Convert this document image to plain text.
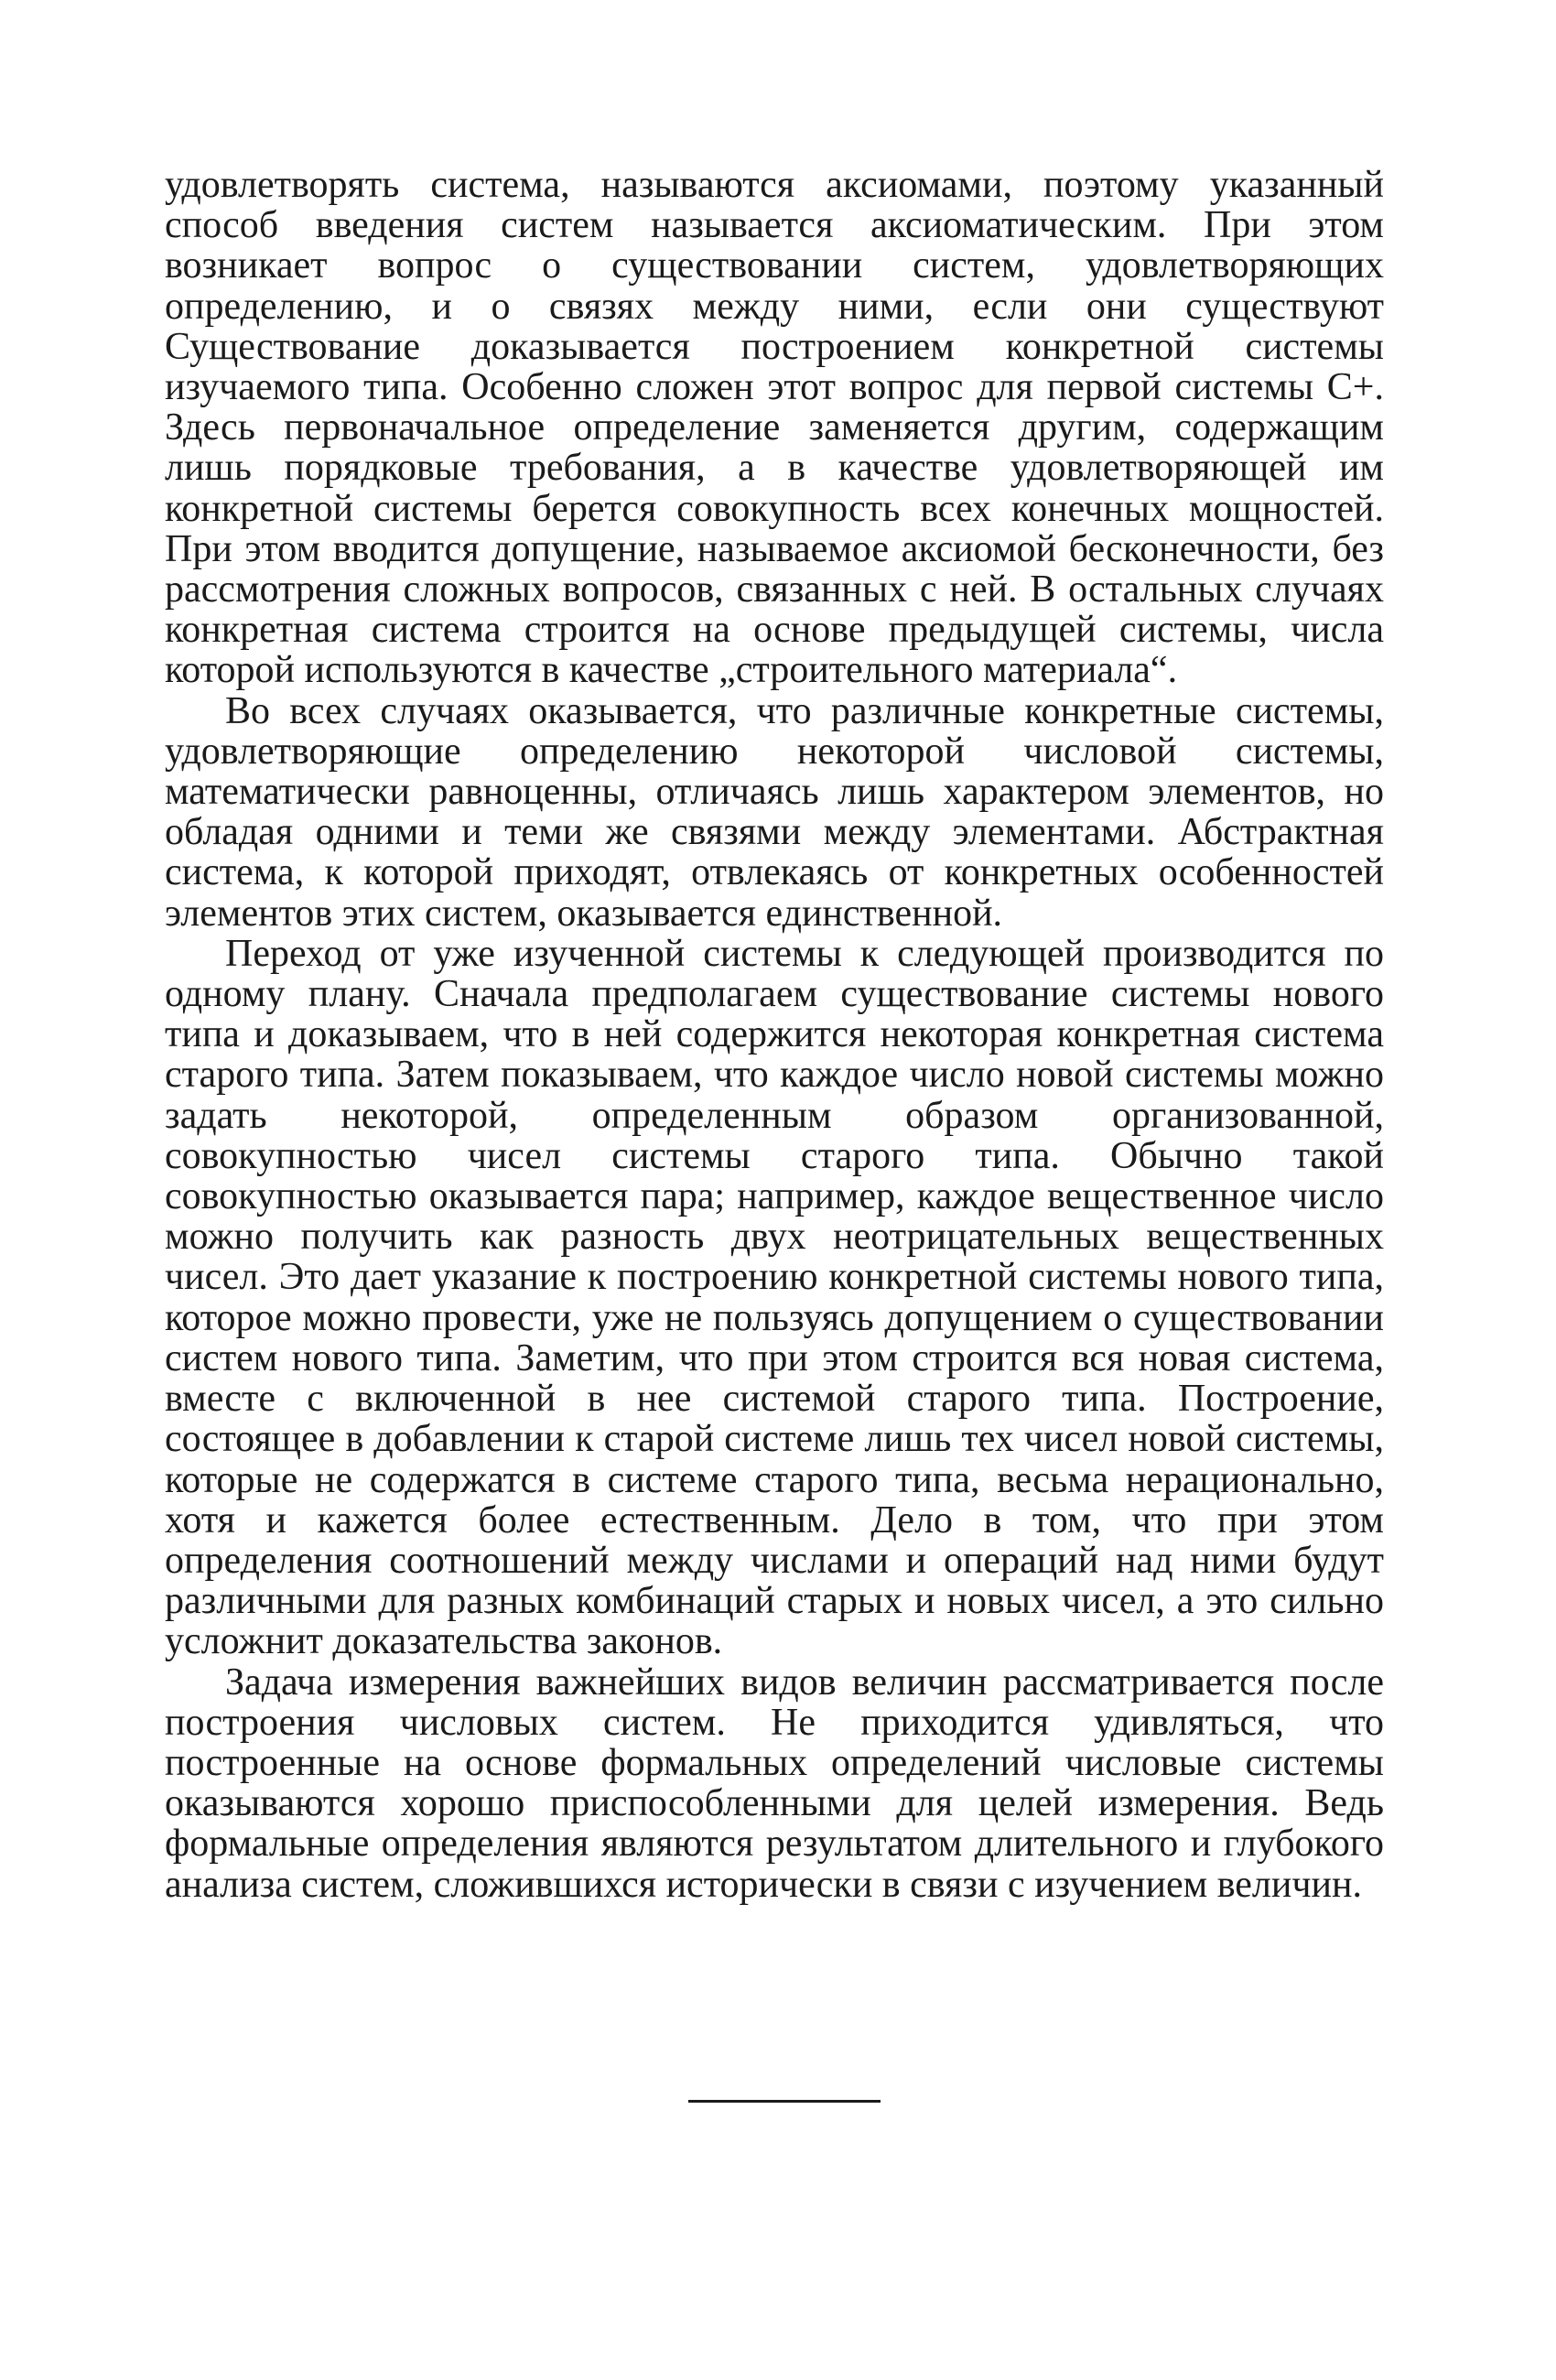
удовлетворять система, называются аксиомами, поэтому указанный способ введения систем называется аксиоматическим. При этом возникает вопрос о существовании систем, удовлетворяющих определению, и о связях между ними, если они существуют Существование доказывается построением конкретной системы изучаемого типа. Особенно сложен этот вопрос для первой системы C+. Здесь первоначальное определение заменяется другим, содержащим лишь порядковые требования, а в качестве удовлетворяющей им конкретной системы берется совокупность всех конечных мощностей. При этом вводится допущение, называемое аксиомой бесконечности, без рассмотрения сложных вопросов, связанных с ней. В остальных случаях конкретная система строится на основе предыдущей системы, числа которой используются в качестве „строительного материала“.

Во всех случаях оказывается, что различные конкретные системы, удовлетворяющие определению некоторой числовой системы, математически равноценны, отличаясь лишь характером элементов, но обладая одними и теми же связями между элементами. Абстрактная система, к которой приходят, отвлекаясь от конкретных особенностей элементов этих систем, оказывается единственной.

Переход от уже изученной системы к следующей производится по одному плану. Сначала предполагаем существование системы нового типа и доказываем, что в ней содержится некоторая конкретная система старого типа. Затем показываем, что каждое число новой системы можно задать некоторой, определенным образом организованной, совокупностью чисел системы старого типа. Обычно такой совокупностью оказывается пара; например, каждое вещественное число можно получить как разность двух неотрицательных вещественных чисел. Это дает указание к построению конкретной системы нового типа, которое можно провести, уже не пользуясь допущением о существовании систем нового типа. Заметим, что при этом строится вся новая система, вместе с включенной в нее системой старого типа. Построение, состоящее в добавлении к старой системе лишь тех чисел новой системы, которые не содержатся в системе старого типа, весьма нерационально, хотя и кажется более естественным. Дело в том, что при этом определения соотношений между числами и операций над ними будут различными для разных комбинаций старых и новых чисел, а это сильно усложнит доказательства законов.

Задача измерения важнейших видов величин рассматривается после построения числовых систем. Не приходится удивляться, что построенные на основе формальных определений числовые системы оказываются хорошо приспособленными для целей измерения. Ведь формальные определения являются результатом длительного и глубокого анализа систем, сложившихся исторически в связи с изучением величин.
